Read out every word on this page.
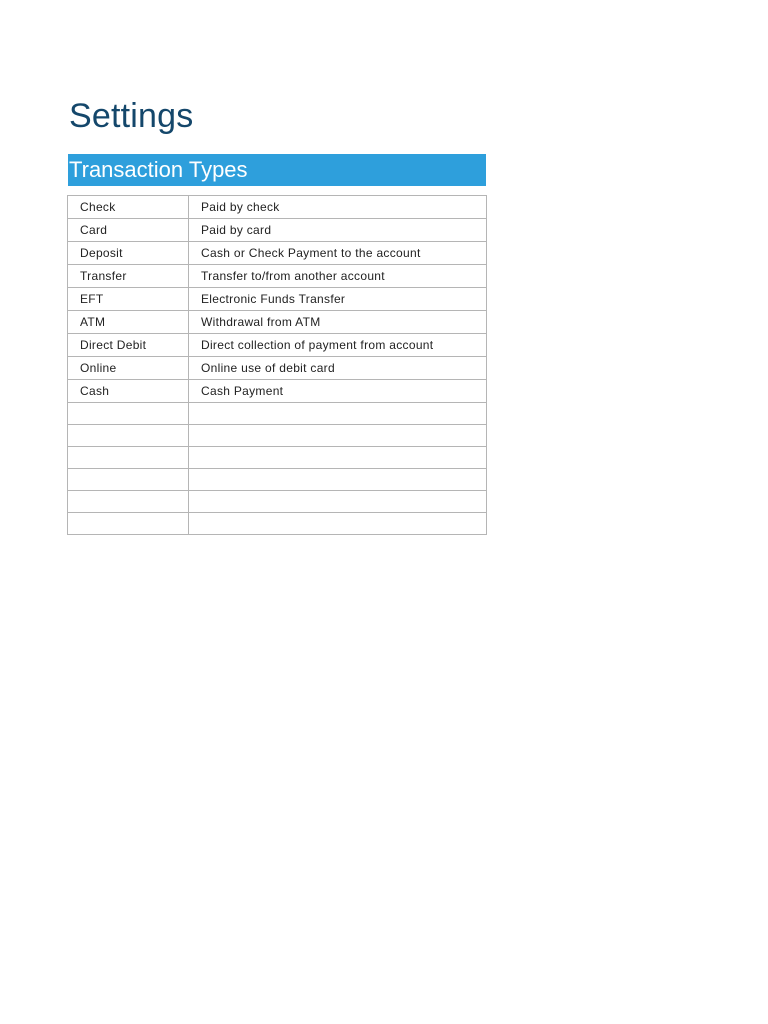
Settings
Transaction Types
Check	Paid by check
Card	Paid by card
Deposit	Cash or Check Payment to the account
Transfer	Transfer to/from another account
EFT	Electronic Funds Transfer
ATM	Withdrawal from ATM
Direct Debit	Direct collection of payment from account
Online	Online use of debit card
Cash	Cash Payment
